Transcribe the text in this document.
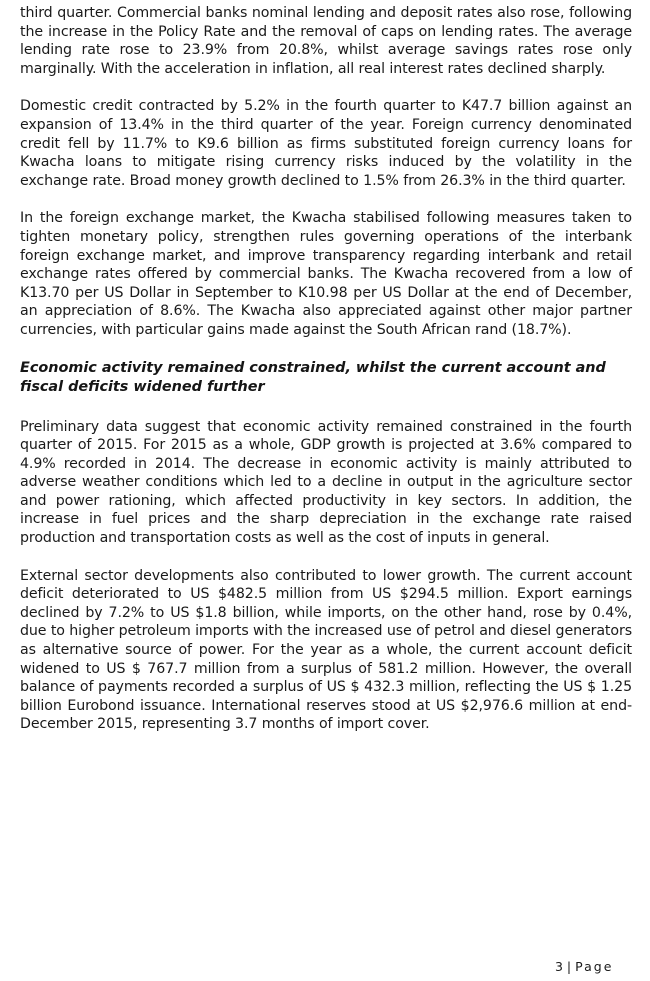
third quarter. Commercial banks nominal lending and deposit rates also rose, following the increase in the Policy Rate and the removal of caps on lending rates. The average lending rate rose to 23.9% from 20.8%, whilst average savings rates rose only marginally. With the acceleration in inflation, all real interest rates declined sharply.

Domestic credit contracted by 5.2% in the fourth quarter to K47.7 billion against an expansion of 13.4% in the third quarter of the year. Foreign currency denominated credit fell by 11.7% to K9.6 billion as firms substituted foreign currency loans for Kwacha loans to mitigate rising currency risks induced by the volatility in the exchange rate. Broad money growth declined to 1.5% from 26.3% in the third quarter.

In the foreign exchange market, the Kwacha stabilised following measures taken to tighten monetary policy, strengthen rules governing operations of the interbank foreign exchange market, and improve transparency regarding interbank and retail exchange rates offered by commercial banks. The Kwacha recovered from a low of K13.70 per US Dollar in September to K10.98 per US Dollar at the end of December, an appreciation of 8.6%. The Kwacha also appreciated against other major partner currencies, with particular gains made against the South African rand (18.7%).

Economic activity remained constrained, whilst the current account and fiscal deficits widened further

Preliminary data suggest that economic activity remained constrained in the fourth quarter of 2015. For 2015 as a whole, GDP growth is projected at 3.6% compared to 4.9% recorded in 2014. The decrease in economic activity is mainly attributed to adverse weather conditions which led to a decline in output in the agriculture sector and power rationing, which affected productivity in key sectors. In addition, the increase in fuel prices and the sharp depreciation in the exchange rate raised production and transportation costs as well as the cost of inputs in general.

External sector developments also contributed to lower growth. The current account deficit deteriorated to US $482.5 million from US $294.5 million. Export earnings declined by 7.2% to US $1.8 billion, while imports, on the other hand, rose by 0.4%, due to higher petroleum imports with the increased use of petrol and diesel generators as alternative source of power. For the year as a whole, the current account deficit widened to US $ 767.7 million from a surplus of 581.2 million. However, the overall balance of payments recorded a surplus of US $ 432.3 million, reflecting the US $ 1.25 billion Eurobond issuance. International reserves stood at US $2,976.6 million at end-December 2015, representing 3.7 months of import cover.

3 | Page
